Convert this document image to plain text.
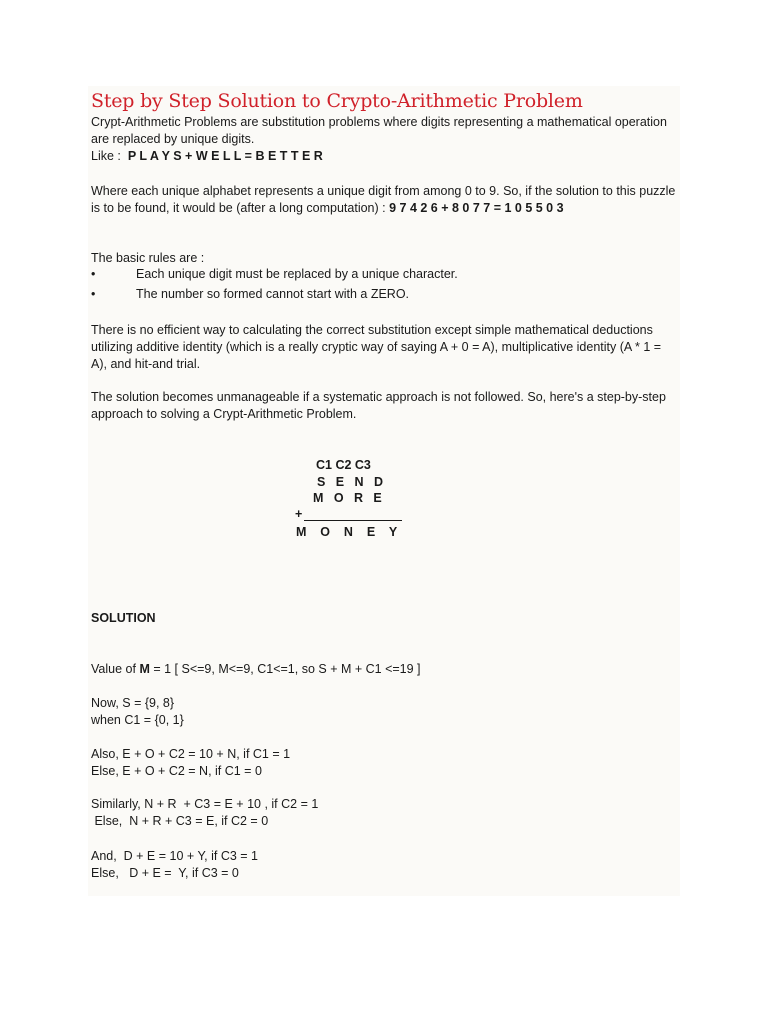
Step by Step Solution to Crypto-Arithmetic Problem
Crypt-Arithmetic Problems are substitution problems where digits representing a mathematical operation
are replaced by unique digits.
Like : P L A Y S + W E L L = B E T T E R
Where each unique alphabet represents a unique digit from among 0 to 9. So, if the solution to this puzzle
is to be found, it would be (after a long computation) : 9 7 4 2 6 + 8 0 7 7 = 1 0 5 5 0 3
The basic rules are :
•	Each unique digit must be replaced by a unique character.
•	The number so formed cannot start with a ZERO.
There is no efficient way to calculating the correct substitution except simple mathematical deductions
utilizing additive identity (which is a really cryptic way of saying A + 0 = A), multiplicative identity (A * 1 =
A), and hit-and trial.
The solution becomes unmanageable if a systematic approach is not followed. So, here's a step-by-step
approach to solving a Crypt-Arithmetic Problem.
C1 C2 C3
S   E   N   D
M   O   R   E
+
M    O    N    E    Y
SOLUTION
Value of M = 1 [ S<=9, M<=9, C1<=1, so S + M + C1 <=19 ]
Now, S = {9, 8}
when C1 = {0, 1}
Also, E + O + C2 = 10 + N, if C1 = 1
Else, E + O + C2 = N, if C1 = 0
Similarly, N + R  + C3 = E + 10 , if C2 = 1
Else,  N + R + C3 = E, if C2 = 0
And,  D + E = 10 + Y, if C3 = 1
Else,   D + E =  Y, if C3 = 0
